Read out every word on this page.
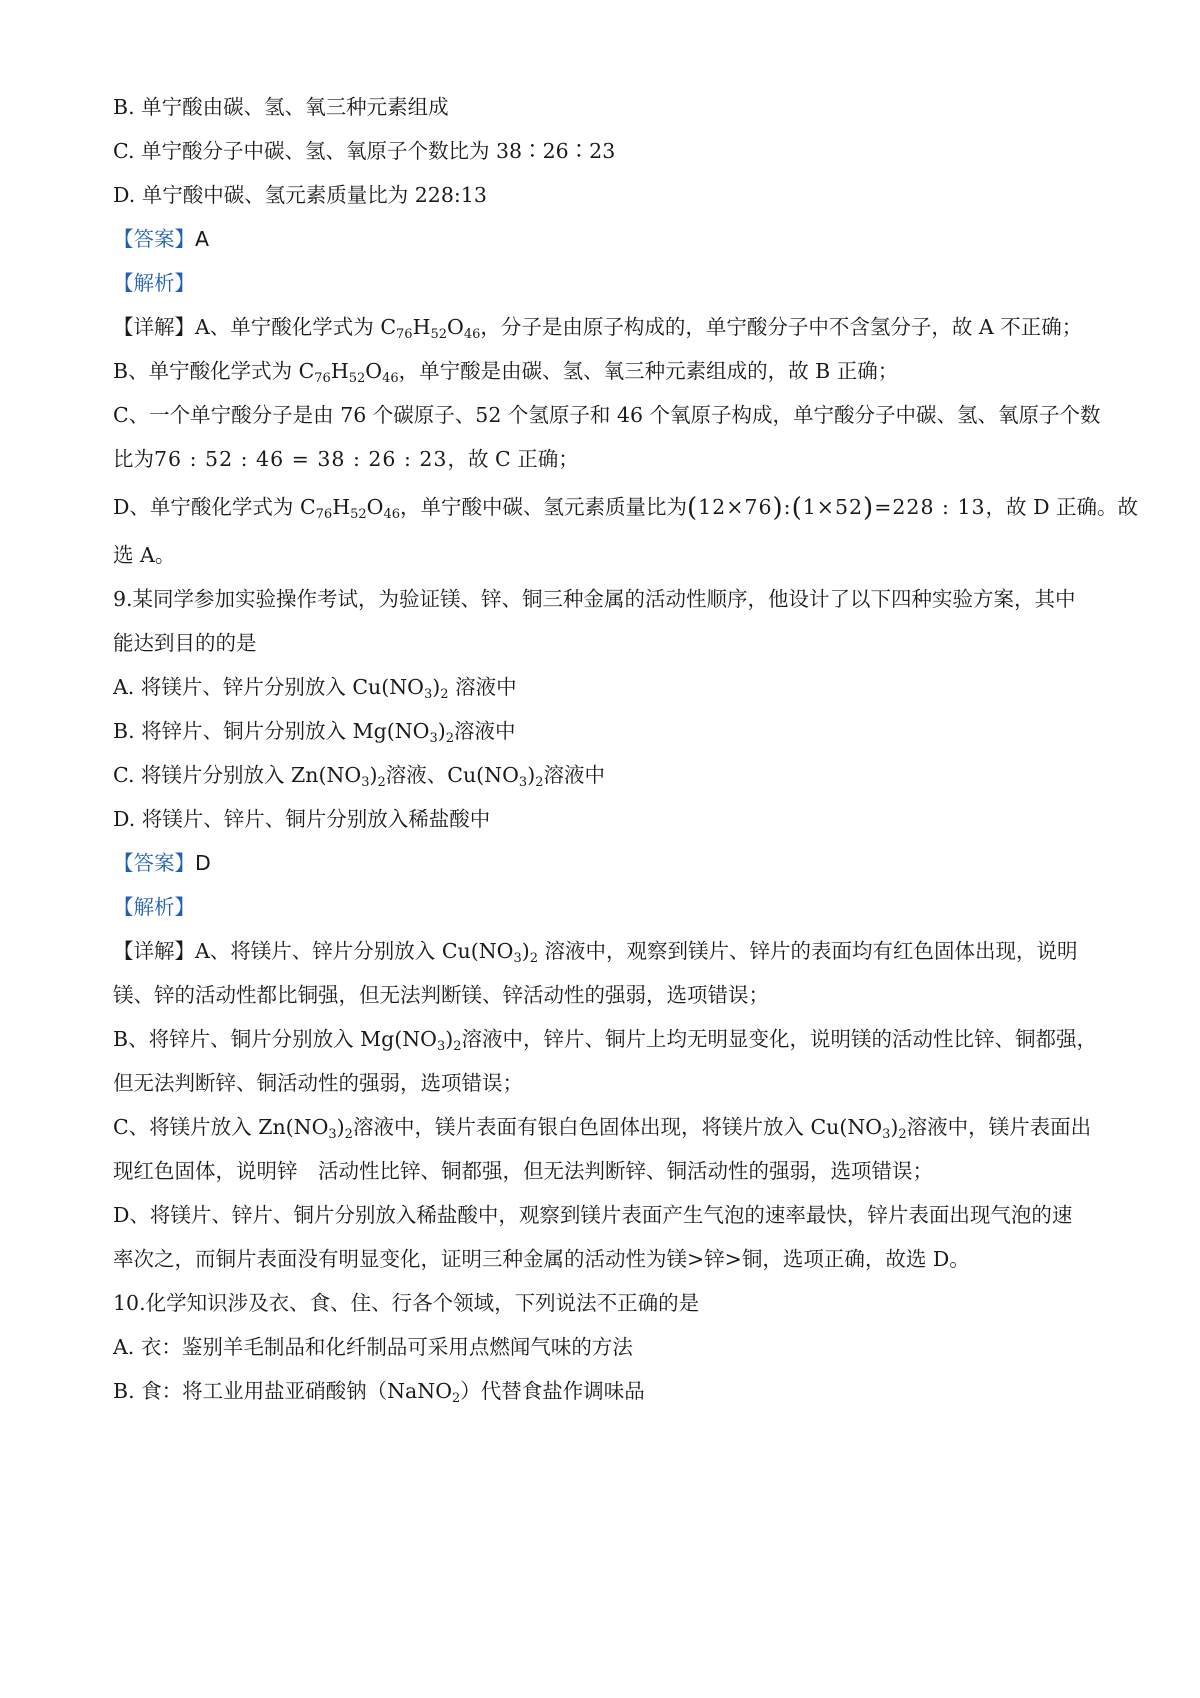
B. 单宁酸由碳、氢、氧三种元素组成
C. 单宁酸分子中碳、氢、氧原子个数比为 38∶26∶23
D. 单宁酸中碳、氢元素质量比为 228:13
【答案】A
【解析】
【详解】A、单宁酸化学式为 $C_{76}H_{52}O_{46}$，分子是由原子构成的，单宁酸分子中不含氢分子，故 A 不正确；
B、单宁酸化学式为 $C_{76}H_{52}O_{46}$，单宁酸是由碳、氢、氧三种元素组成的，故 B 正确；
C、一个单宁酸分子是由 76 个碳原子、52 个氢原子和 46 个氧原子构成，单宁酸分子中碳、氢、氧原子个数
比为76 : 52 : 46 = 38 : 26 : 23，故 C 正确；
D、单宁酸化学式为 $C_{76}H_{52}O_{46}$，单宁酸中碳、氢元素质量比为(12×76):(1×52)=228 : 13，故 D 正确。故
选 A。
9.某同学参加实验操作考试，为验证镁、锌、铜三种金属的活动性顺序，他设计了以下四种实验方案，其中
能达到目的的是
A. 将镁片、锌片分别放入 $Cu(NO_3)_2$ 溶液中
B. 将锌片、铜片分别放入 $Mg(NO_3)_2$溶液中
C. 将镁片分别放入 $Zn(NO_3)_2$溶液、$Cu(NO_3)_2$溶液中
D. 将镁片、锌片、铜片分别放入稀盐酸中
【答案】D
【解析】
【详解】A、将镁片、锌片分别放入 $Cu(NO_3)_2$ 溶液中，观察到镁片、锌片的表面均有红色固体出现，说明
镁、锌的活动性都比铜强，但无法判断镁、锌活动性的强弱，选项错误；
B、将锌片、铜片分别放入 $Mg(NO_3)_2$溶液中，锌片、铜片上均无明显变化，说明镁的活动性比锌、铜都强，
但无法判断锌、铜活动性的强弱，选项错误；
C、将镁片放入 $Zn(NO_3)_2$溶液中，镁片表面有银白色固体出现，将镁片放入 $Cu(NO_3)_2$溶液中，镁片表面出
现红色固体，说明锌　活动性比锌、铜都强，但无法判断锌、铜活动性的强弱，选项错误；
D、将镁片、锌片、铜片分别放入稀盐酸中，观察到镁片表面产生气泡的速率最快，锌片表面出现气泡的速
率次之，而铜片表面没有明显变化，证明三种金属的活动性为镁>锌>铜，选项正确，故选 D。
10.化学知识涉及衣、食、住、行各个领域，下列说法不正确的是
A. 衣：鉴别羊毛制品和化纤制品可采用点燃闻气味的方法
B. 食：将工业用盐亚硝酸钠（NaNO$_2$）代替食盐作调味品
